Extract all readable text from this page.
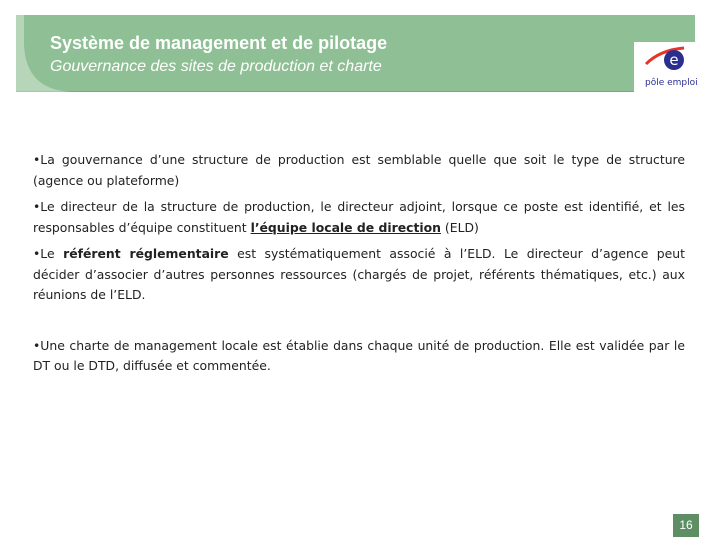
Système de management et de pilotage
Gouvernance des sites de production et charte	e
pôle emploi

•La gouvernance d’une structure de production est semblable quelle que soit le type de structure (agence ou plateforme)

•Le directeur de la structure de production, le directeur adjoint, lorsque ce poste est identifié, et les responsables d’équipe constituent l’équipe locale de direction (ELD)

•Le référent réglementaire est systématiquement associé à l’ELD. Le directeur d’agence peut décider d’associer d’autres personnes ressources (chargés de projet, référents thématiques, etc.) aux réunions de l’ELD.

•Une charte de management locale est établie dans chaque unité de production. Elle est validée par le DT ou le DTD, diffusée et commentée.

16
